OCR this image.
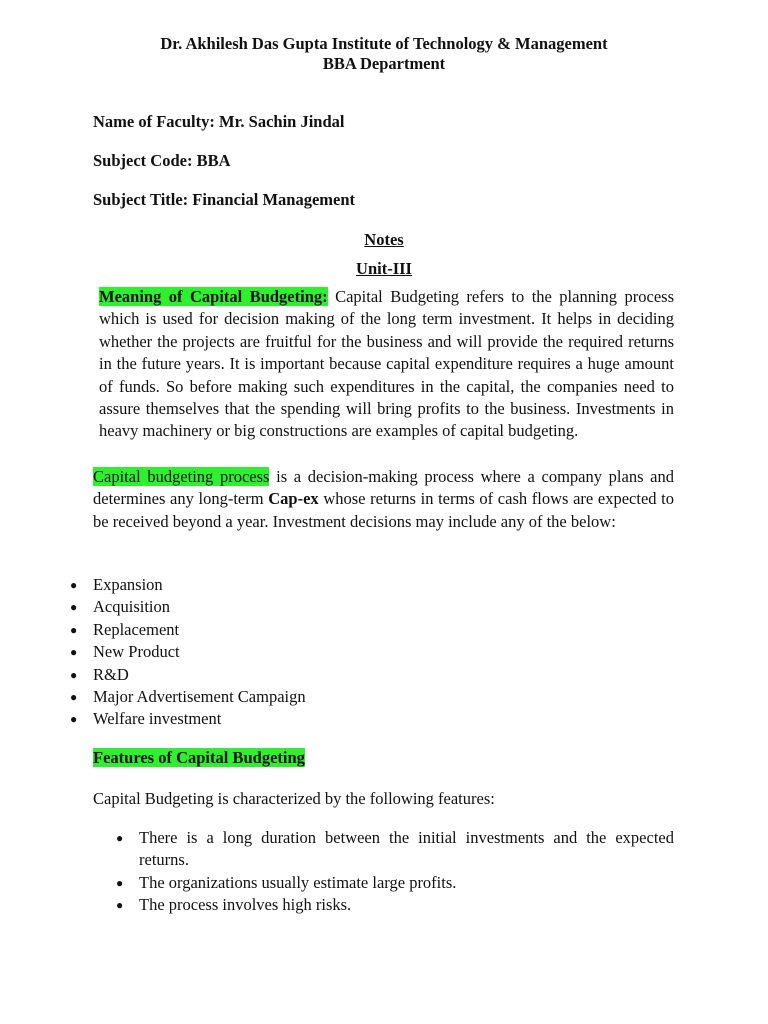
Dr. Akhilesh Das Gupta Institute of Technology & Management
BBA Department
Name of Faculty: Mr. Sachin Jindal
Subject Code: BBA
Subject Title: Financial Management
Notes
Unit-III
Meaning of Capital Budgeting: Capital Budgeting refers to the planning process which is used for decision making of the long term investment. It helps in deciding whether the projects are fruitful for the business and will provide the required returns in the future years. It is important because capital expenditure requires a huge amount of funds. So before making such expenditures in the capital, the companies need to assure themselves that the spending will bring profits to the business. Investments in heavy machinery or big constructions are examples of capital budgeting.
Capital budgeting process is a decision-making process where a company plans and determines any long-term Cap-ex whose returns in terms of cash flows are expected to be received beyond a year. Investment decisions may include any of the below:
● Expansion
● Acquisition
● Replacement
● New Product
● R&D
● Major Advertisement Campaign
● Welfare investment
Features of Capital Budgeting
Capital Budgeting is characterized by the following features:
● There is a long duration between the initial investments and the expected returns.
● The organizations usually estimate large profits.
● The process involves high risks.
